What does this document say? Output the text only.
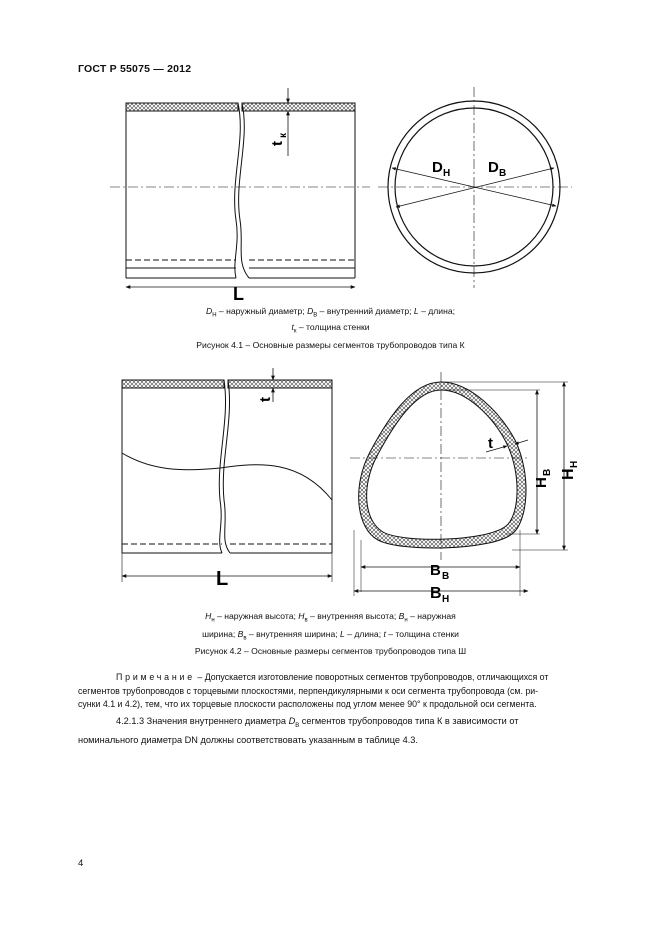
ГОСТ Р 55075 — 2012
L
t
к
D Н	D В
L
t
t
H
В H
Н
B В
B Н
$D_Н$ – наружный диаметр; $D_В$ – внутренний диаметр; L – длина;
$t_к$ – толщина стенки
Рисунок 4.1 – Основные размеры сегментов трубопроводов типа К
$H_н$ – наружная высота; $H_в$ – внутренняя высота; $B_н$ – наружная
ширина; $B_в$ – внутренняя ширина; L – длина; t – толщина стенки
Рисунок 4.2 – Основные размеры сегментов трубопроводов типа Ш
Примечание – Допускается изготовление поворотных сегментов трубопроводов, отличающихся от
сегментов трубопроводов с торцевыми плоскостями, перпендикулярными к оси сегмента трубопровода (см. ри-
сунки 4.1 и 4.2), тем, что их торцевые плоскости расположены под углом менее 90° к продольной оси сегмента.
4.2.1.3 Значения внутреннего диаметра $D_В$ сегментов трубопроводов типа К в зависимости от
номинального диаметра DN должны соответствовать указанным в таблице 4.3.
4
